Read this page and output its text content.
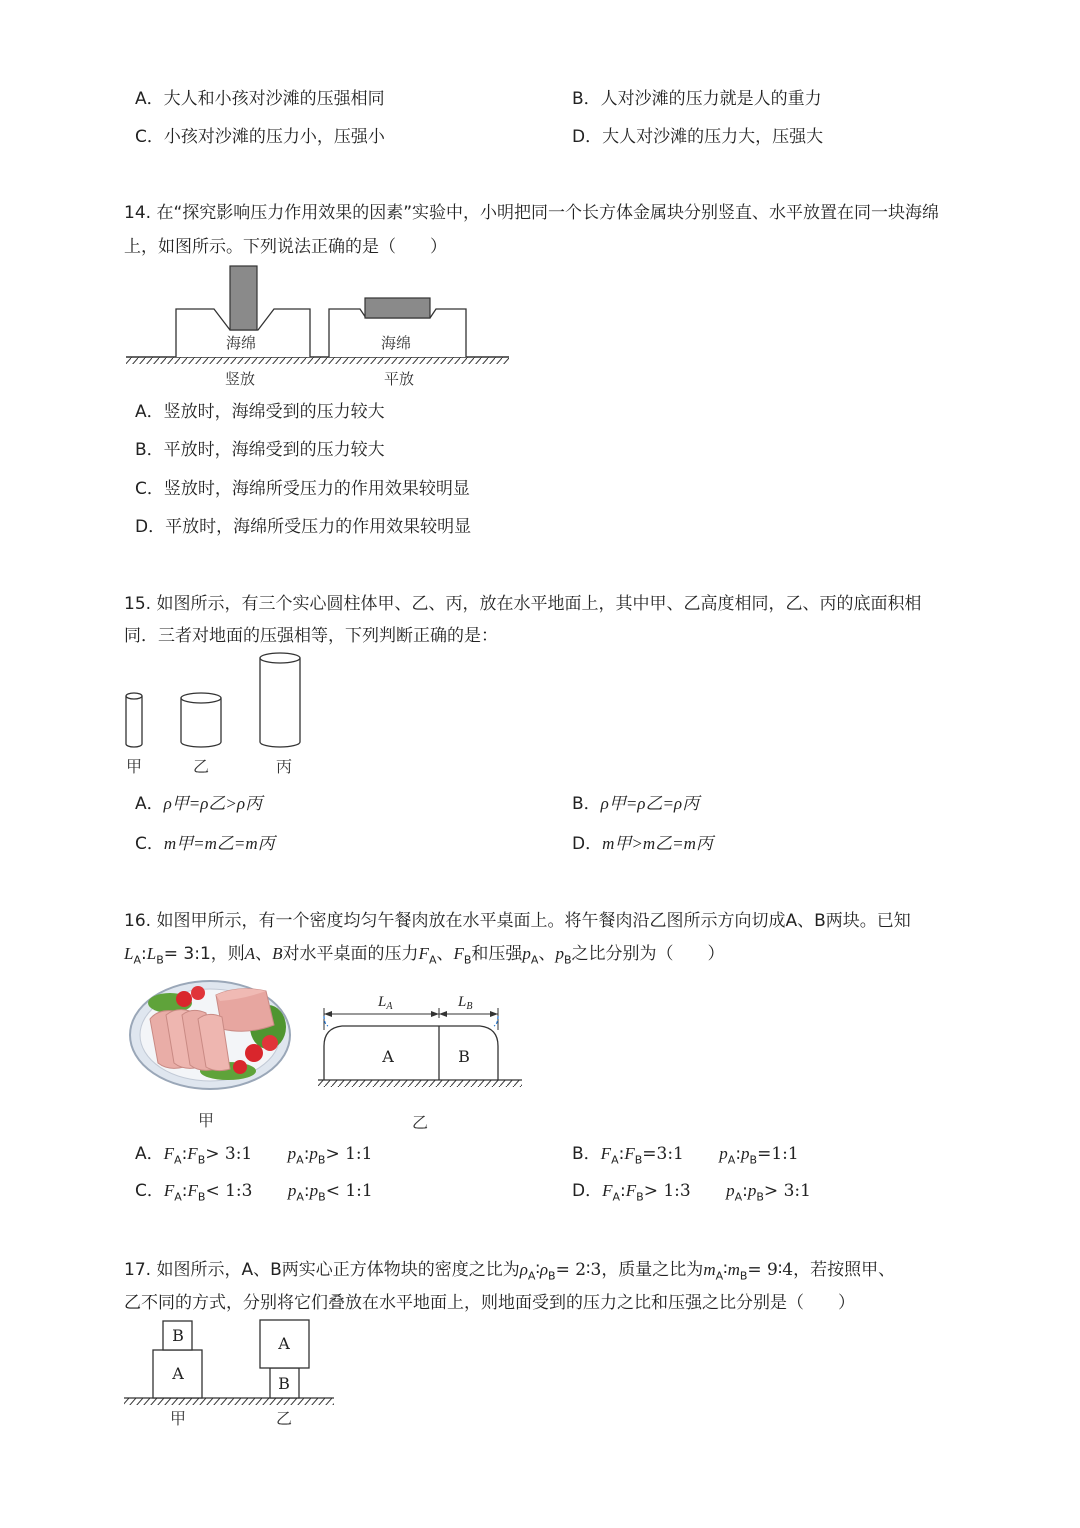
A．大人和小孩对沙滩的压强相同	B．人对沙滩的压力就是人的重力
C．小孩对沙滩的压力小，压强小	D．大人对沙滩的压力大，压强大
14. 在“探究影响压力作用效果的因素”实验中，小明把同一个长方体金属块分别竖直、水平放置在同一块海绵
上，如图所示。下列说法正确的是（　　）
海绵	海绵
竖放	平放
A．竖放时，海绵受到的压力较大
B．平放时，海绵受到的压力较大
C．竖放时，海绵所受压力的作用效果较明显
D．平放时，海绵所受压力的作用效果较明显
15. 如图所示，有三个实心圆柱体甲、乙、丙，放在水平地面上，其中甲、乙高度相同，乙、丙的底面积相
同．三者对地面的压强相等，下列判断正确的是：
甲	乙	丙
A．ρ甲=ρ乙>ρ丙	B．ρ甲=ρ乙=ρ丙
C．m甲=m乙=m丙	D．m甲>m乙=m丙
16. 如图甲所示，有一个密度均匀午餐肉放在水平桌面上。将午餐肉沿乙图所示方向切成A、B两块。已知
$L_A:L_B=$ 3:1，则A、B对水平桌面的压力$F_A$、$F_B$和压强$p_A$、$p_B$之比分别为（　　）
甲
A	B
$L_A$	$L_B$
乙
A．$F_A:F_B>$ 3:1 $p_A:p_B>$ 1:1	B．$F_A:F_B=3:1$ $p_A:p_B=1:1$
C．$F_A:F_B<$ 1:3 $p_A:p_B<$ 1:1	D．$F_A:F_B>$ 1:3 $p_A:p_B>$ 3:1
17. 如图所示，A、B两实心正方体物块的密度之比为$\rho_A∶\rho_B=$ 2∶3，质量之比为$m_A∶m_B=$ 9∶4，若按照甲、
乙不同的方式，分别将它们叠放在水平地面上，则地面受到的压力之比和压强之比分别是（　　）
B
A
A
B
甲	乙
